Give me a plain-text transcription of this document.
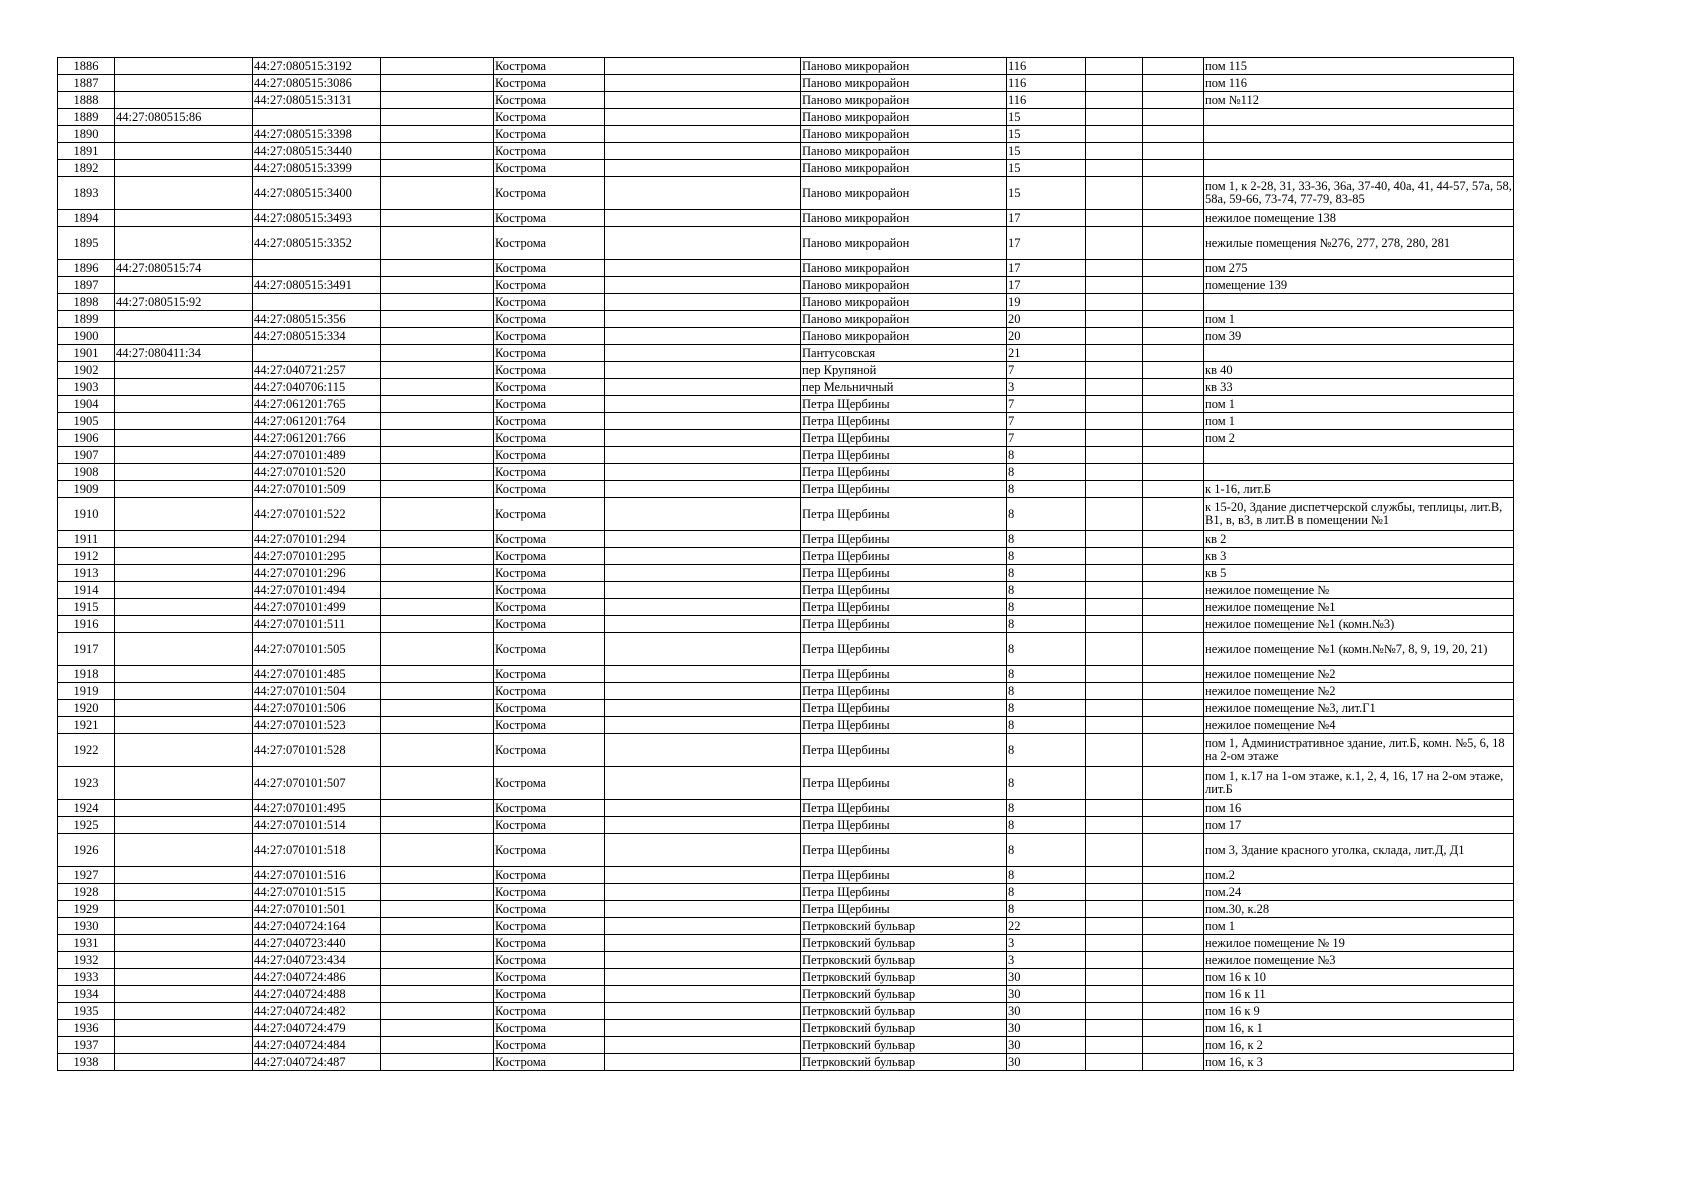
1886		44:27:080515:3192		Кострома		Паново микрорайон	116			пом 115
1887		44:27:080515:3086		Кострома		Паново микрорайон	116			пом 116
1888		44:27:080515:3131		Кострома		Паново микрорайон	116			пом №112
1889	44:27:080515:86			Кострома		Паново микрорайон	15			
1890		44:27:080515:3398		Кострома		Паново микрорайон	15			
1891		44:27:080515:3440		Кострома		Паново микрорайон	15			
1892		44:27:080515:3399		Кострома		Паново микрорайон	15			
1893		44:27:080515:3400		Кострома		Паново микрорайон	15			пом 1, к 2-28, 31, 33-36, 36а, 37-40, 40а, 41, 44-57, 57а, 58, 58а, 59-66, 73-74, 77-79, 83-85
1894		44:27:080515:3493		Кострома		Паново микрорайон	17			нежилое помещение 138
1895		44:27:080515:3352		Кострома		Паново микрорайон	17			нежилые помещения №276, 277, 278, 280, 281
1896	44:27:080515:74			Кострома		Паново микрорайон	17			пом 275
1897		44:27:080515:3491		Кострома		Паново микрорайон	17			помещение 139
1898	44:27:080515:92			Кострома		Паново микрорайон	19			
1899		44:27:080515:356		Кострома		Паново микрорайон	20			пом 1
1900		44:27:080515:334		Кострома		Паново микрорайон	20			пом 39
1901	44:27:080411:34			Кострома		Пантусовская	21			
1902		44:27:040721:257		Кострома		пер Крупяной	7			кв 40
1903		44:27:040706:115		Кострома		пер Мельничный	3			кв 33
1904		44:27:061201:765		Кострома		Петра Щербины	7			пом 1
1905		44:27:061201:764		Кострома		Петра Щербины	7			пом 1
1906		44:27:061201:766		Кострома		Петра Щербины	7			пом 2
1907		44:27:070101:489		Кострома		Петра Щербины	8			
1908		44:27:070101:520		Кострома		Петра Щербины	8			
1909		44:27:070101:509		Кострома		Петра Щербины	8			к 1-16, лит.Б
1910		44:27:070101:522		Кострома		Петра Щербины	8			к 15-20, Здание диспетчерской службы, теплицы, лит.В, В1, в, в3, в лит.В в помещении №1
1911		44:27:070101:294		Кострома		Петра Щербины	8			кв 2
1912		44:27:070101:295		Кострома		Петра Щербины	8			кв 3
1913		44:27:070101:296		Кострома		Петра Щербины	8			кв 5
1914		44:27:070101:494		Кострома		Петра Щербины	8			нежилое помещение №
1915		44:27:070101:499		Кострома		Петра Щербины	8			нежилое помещение №1
1916		44:27:070101:511		Кострома		Петра Щербины	8			нежилое помещение №1 (комн.№3)
1917		44:27:070101:505		Кострома		Петра Щербины	8			нежилое помещение №1 (комн.№№7, 8, 9, 19, 20, 21)
1918		44:27:070101:485		Кострома		Петра Щербины	8			нежилое помещение №2
1919		44:27:070101:504		Кострома		Петра Щербины	8			нежилое помещение №2
1920		44:27:070101:506		Кострома		Петра Щербины	8			нежилое помещение №3, лит.Г1
1921		44:27:070101:523		Кострома		Петра Щербины	8			нежилое помещение №4
1922		44:27:070101:528		Кострома		Петра Щербины	8			пом 1, Административное здание, лит.Б, комн. №5, 6, 18 на 2-ом этаже
1923		44:27:070101:507		Кострома		Петра Щербины	8			пом 1, к.17 на 1-ом этаже, к.1, 2, 4, 16, 17 на 2-ом этаже, лит.Б
1924		44:27:070101:495		Кострома		Петра Щербины	8			пом 16
1925		44:27:070101:514		Кострома		Петра Щербины	8			пом 17
1926		44:27:070101:518		Кострома		Петра Щербины	8			пом 3, Здание красного уголка, склада, лит.Д, Д1
1927		44:27:070101:516		Кострома		Петра Щербины	8			пом.2
1928		44:27:070101:515		Кострома		Петра Щербины	8			пом.24
1929		44:27:070101:501		Кострома		Петра Щербины	8			пом.30, к.28
1930		44:27:040724:164		Кострома		Петрковский бульвар	22			пом 1
1931		44:27:040723:440		Кострома		Петрковский бульвар	3			нежилое помещение № 19
1932		44:27:040723:434		Кострома		Петрковский бульвар	3			нежилое помещение №3
1933		44:27:040724:486		Кострома		Петрковский бульвар	30			пом 16 к 10
1934		44:27:040724:488		Кострома		Петрковский бульвар	30			пом 16 к 11
1935		44:27:040724:482		Кострома		Петрковский бульвар	30			пом 16 к 9
1936		44:27:040724:479		Кострома		Петрковский бульвар	30			пом 16, к 1
1937		44:27:040724:484		Кострома		Петрковский бульвар	30			пом 16, к 2
1938		44:27:040724:487		Кострома		Петрковский бульвар	30			пом 16, к 3
